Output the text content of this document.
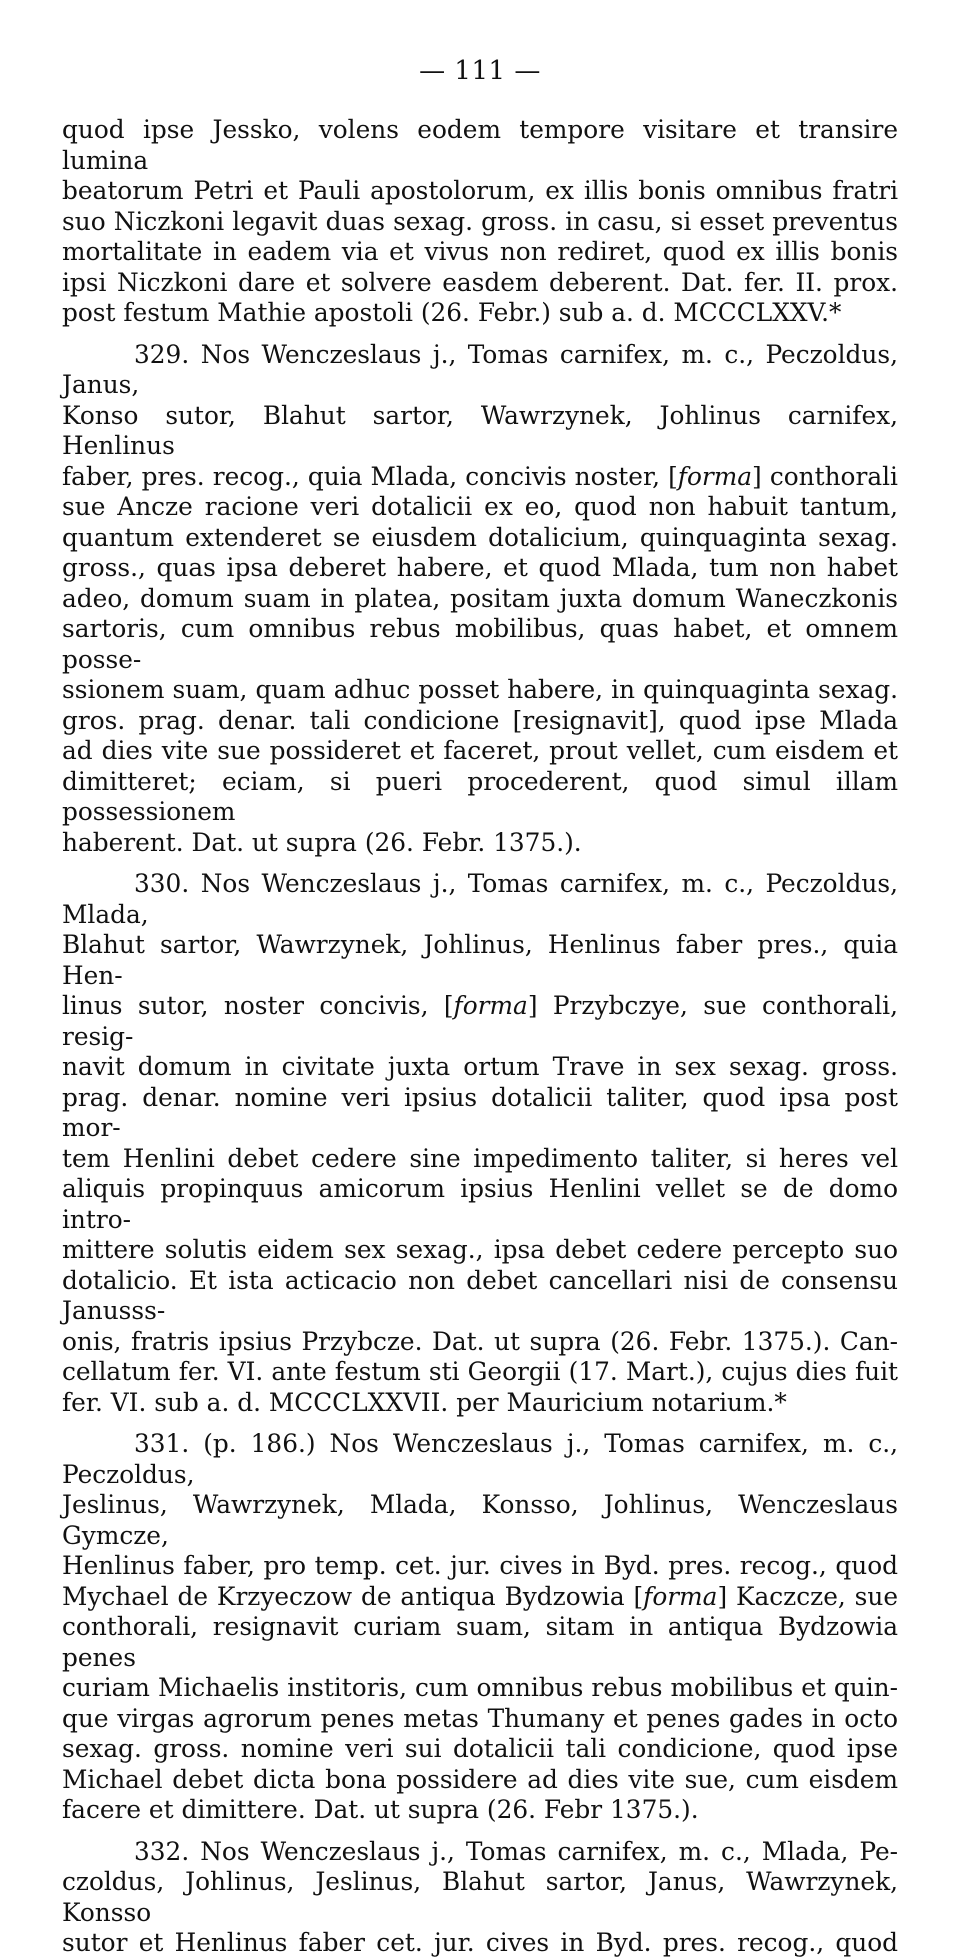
— 111 —

quod ipse Jessko, volens eodem tempore visitare et transire lumina
beatorum Petri et Pauli apostolorum, ex illis bonis omnibus fratri
suo Niczkoni legavit duas sexag. gross. in casu, si esset preventus
mortalitate in eadem via et vivus non rediret, quod ex illis bonis
ipsi Niczkoni dare et solvere easdem deberent. Dat. fer. II. prox.
post festum Mathie apostoli (26. Febr.) sub a. d. MCCCLXXV.*

329. Nos Wenczeslaus j., Tomas carnifex, m. c., Peczoldus, Janus,
Konso sutor, Blahut sartor, Wawrzynek, Johlinus carnifex, Henlinus
faber, pres. recog., quia Mlada, concivis noster, [forma] conthorali
sue Ancze racione veri dotalicii ex eo, quod non habuit tantum,
quantum extenderet se eiusdem dotalicium, quinquaginta sexag.
gross., quas ipsa deberet habere, et quod Mlada, tum non habet
adeo, domum suam in platea, positam juxta domum Waneczkonis
sartoris, cum omnibus rebus mobilibus, quas habet, et omnem posse-
ssionem suam, quam adhuc posset habere, in quinquaginta sexag.
gros. prag. denar. tali condicione [resignavit], quod ipse Mlada
ad dies vite sue possideret et faceret, prout vellet, cum eisdem et
dimitteret; eciam, si pueri procederent, quod simul illam possessionem
haberent. Dat. ut supra (26. Febr. 1375.).

330. Nos Wenczeslaus j., Tomas carnifex, m. c., Peczoldus, Mlada,
Blahut sartor, Wawrzynek, Johlinus, Henlinus faber pres., quia Hen-
linus sutor, noster concivis, [forma] Przybczye, sue conthorali, resig-
navit domum in civitate juxta ortum Trave in sex sexag. gross.
prag. denar. nomine veri ipsius dotalicii taliter, quod ipsa post mor-
tem Henlini debet cedere sine impedimento taliter, si heres vel
aliquis propinquus amicorum ipsius Henlini vellet se de domo intro-
mittere solutis eidem sex sexag., ipsa debet cedere percepto suo
dotalicio. Et ista acticacio non debet cancellari nisi de consensu Janusss-
onis, fratris ipsius Przybcze. Dat. ut supra (26. Febr. 1375.). Can-
cellatum fer. VI. ante festum sti Georgii (17. Mart.), cujus dies fuit
fer. VI. sub a. d. MCCCLXXVII. per Mauricium notarium.*

331. (p. 186.) Nos Wenczeslaus j., Tomas carnifex, m. c., Peczoldus,
Jeslinus, Wawrzynek, Mlada, Konsso, Johlinus, Wenczeslaus Gymcze,
Henlinus faber, pro temp. cet. jur. cives in Byd. pres. recog., quod
Mychael de Krzyeczow de antiqua Bydzowia [forma] Kaczcze, sue
conthorali, resignavit curiam suam, sitam in antiqua Bydzowia penes
curiam Michaelis institoris, cum omnibus rebus mobilibus et quin-
que virgas agrorum penes metas Thumany et penes gades in octo
sexag. gross. nomine veri sui dotalicii tali condicione, quod ipse
Michael debet dicta bona possidere ad dies vite sue, cum eisdem
facere et dimittere. Dat. ut supra (26. Febr 1375.).

332. Nos Wenczeslaus j., Tomas carnifex, m. c., Mlada, Pe-
czoldus, Johlinus, Jeslinus, Blahut sartor, Janus, Wawrzynek, Konsso
sutor et Henlinus faber cet. jur. cives in Byd. pres. recog., quod
